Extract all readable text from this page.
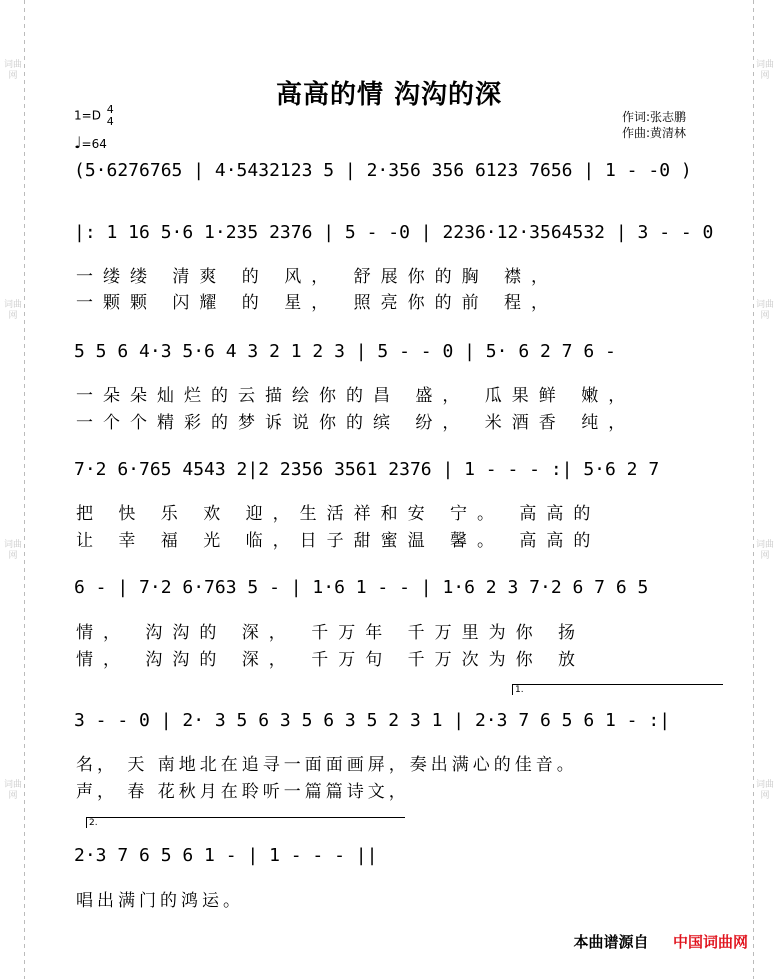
词曲网
词曲网
词曲网
词曲网
词曲网
词曲网
词曲网
词曲网
高高的情 沟沟的深
1=D 4
4
♩=64
作词:张志鹏
作曲:黄清林
(5·6276765 | 4·5432123 5 | 2·356 356 6123 7656 | 1 - -0 )
|: 1 16 5·6 1·235 2376 | 5 - -0 | 2236·12·3564532 | 3 - - 0
一缕缕 清爽 的 风， 舒展你的胸 襟，
一颗颗 闪耀 的 星， 照亮你的前 程，
5 5 6 4·3 5·6 4 3 2 1 2 3 | 5 - - 0 | 5· 6 2 7 6 -
一朵朵灿烂的云描绘你的昌 盛， 瓜果鲜 嫩，
一个个精彩的梦诉说你的缤 纷， 米酒香 纯，
7·2 6·765 4543 2|2 2356 3561 2376 | 1 - - - :| 5·6 2 7
把 快 乐 欢 迎，生活祥和安 宁。 高高的
让 幸 福 光 临，日子甜蜜温 馨。 高高的
6 - | 7·2 6·763 5 - | 1·6 1 - - | 1·6 2 3 7·2 6 7 6 5
情， 沟沟的 深， 千万年 千万里为你 扬
情， 沟沟的 深， 千万句 千万次为你 放
1.
3 - - 0 | 2· 3 5 6 3 5 6 3 5 2 3 1 | 2·3 7 6 5 6 1 - :|
名， 天 南地北在追寻一面面画屏，奏出满心的佳音。
声， 春 花秋月在聆听一篇篇诗文，
2.
2·3 7 6 5 6 1 - | 1 - - - ||
唱出满门的鸿运。
本曲谱源自 中国词曲网
